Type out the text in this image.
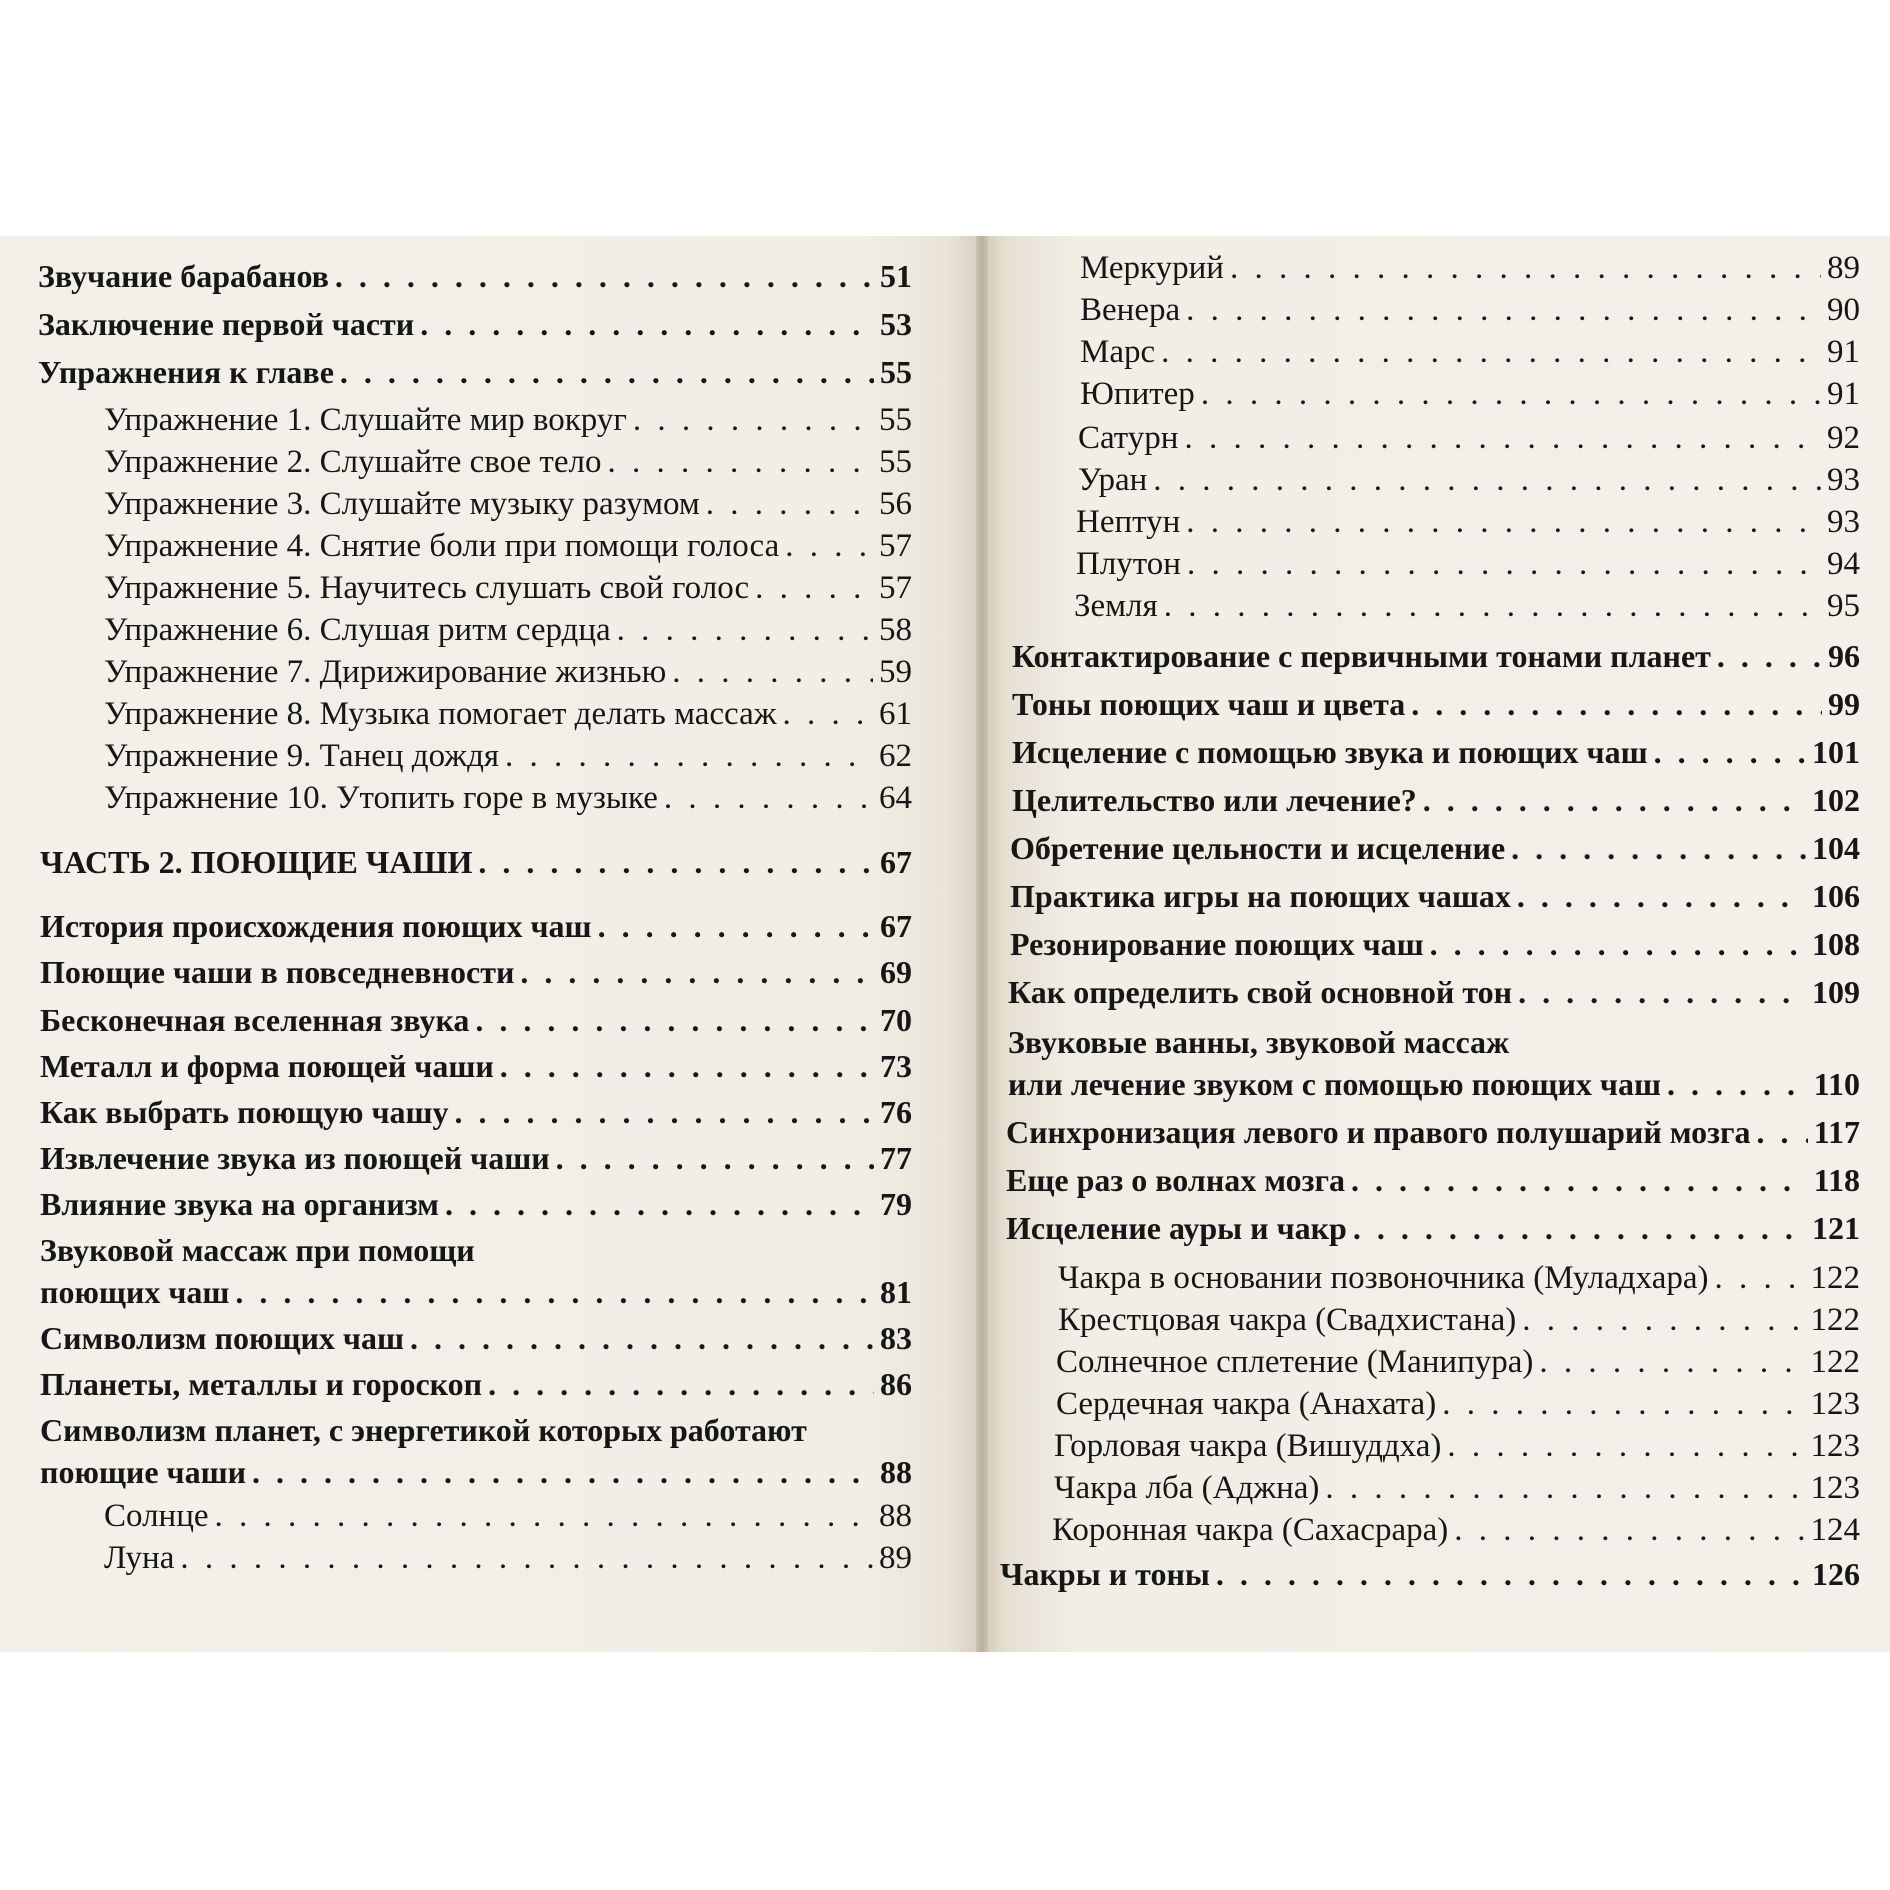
Звучание барабанов . . .	51
Заключение первой части . . .	53
Упражнения к главе . . .	55
Упражнение 1. Слушайте мир вокруг . . .	55
Упражнение 2. Слушайте свое тело . . .	55
Упражнение 3. Слушайте музыку разумом . . .	56
Упражнение 4. Снятие боли при помощи голоса . . .	57
Упражнение 5. Научитесь слушать свой голос . . .	57
Упражнение 6. Слушая ритм сердца . . .	58
Упражнение 7. Дирижирование жизнью . . .	59
Упражнение 8. Музыка помогает делать массаж . . .	61
Упражнение 9. Танец дождя . . .	62
Упражнение 10. Утопить горе в музыке . . .	64
ЧАСТЬ 2. ПОЮЩИЕ ЧАШИ . . .	67
История происхождения поющих чаш . . .	67
Поющие чаши в повседневности . . .	69
Бесконечная вселенная звука . . .	70
Металл и форма поющей чаши . . .	73
Как выбрать поющую чашу . . .	76
Извлечение звука из поющей чаши . . .	77
Влияние звука на организм . . .	79
Звуковой массаж при помощи
поющих чаш . . .	81
Символизм поющих чаш . . .	83
Планеты, металлы и гороскоп . . .	86
Символизм планет, с энергетикой которых работают
поющие чаши . . .	88
Солнце . . .	88
Луна . . .	89
Меркурий . . .	89
Венера . . .	90
Марс . . .	91
Юпитер . . .	91
Сатурн . . .	92
Уран . . .	93
Нептун . . .	93
Плутон . . .	94
Земля . . .	95
Контактирование с первичными тонами планет . . .	96
Тоны поющих чаш и цвета . . .	99
Исцеление с помощью звука и поющих чаш . . .	101
Целительство или лечение? . . .	102
Обретение цельности и исцеление . . .	104
Практика игры на поющих чашах . . .	106
Резонирование поющих чаш . . .	108
Как определить свой основной тон . . .	109
Звуковые ванны, звуковой массаж
или лечение звуком с помощью поющих чаш . . .	110
Синхронизация левого и правого полушарий мозга . . . 117
Еще раз о волнах мозга . . .	118
Исцеление ауры и чакр . . .	121
Чакра в основании позвоночника (Муладхара) . . .	122
Крестцовая чакра (Свадхистана) . . .	122
Солнечное сплетение (Манипура) . . .	122
Сердечная чакра (Анахата) . . .	123
Горловая чакра (Вишуддха) . . .	123
Чакра лба (Аджна) . . .	123
Коронная чакра (Сахасрара) . . .	124
Чакры и тоны . . .	126
